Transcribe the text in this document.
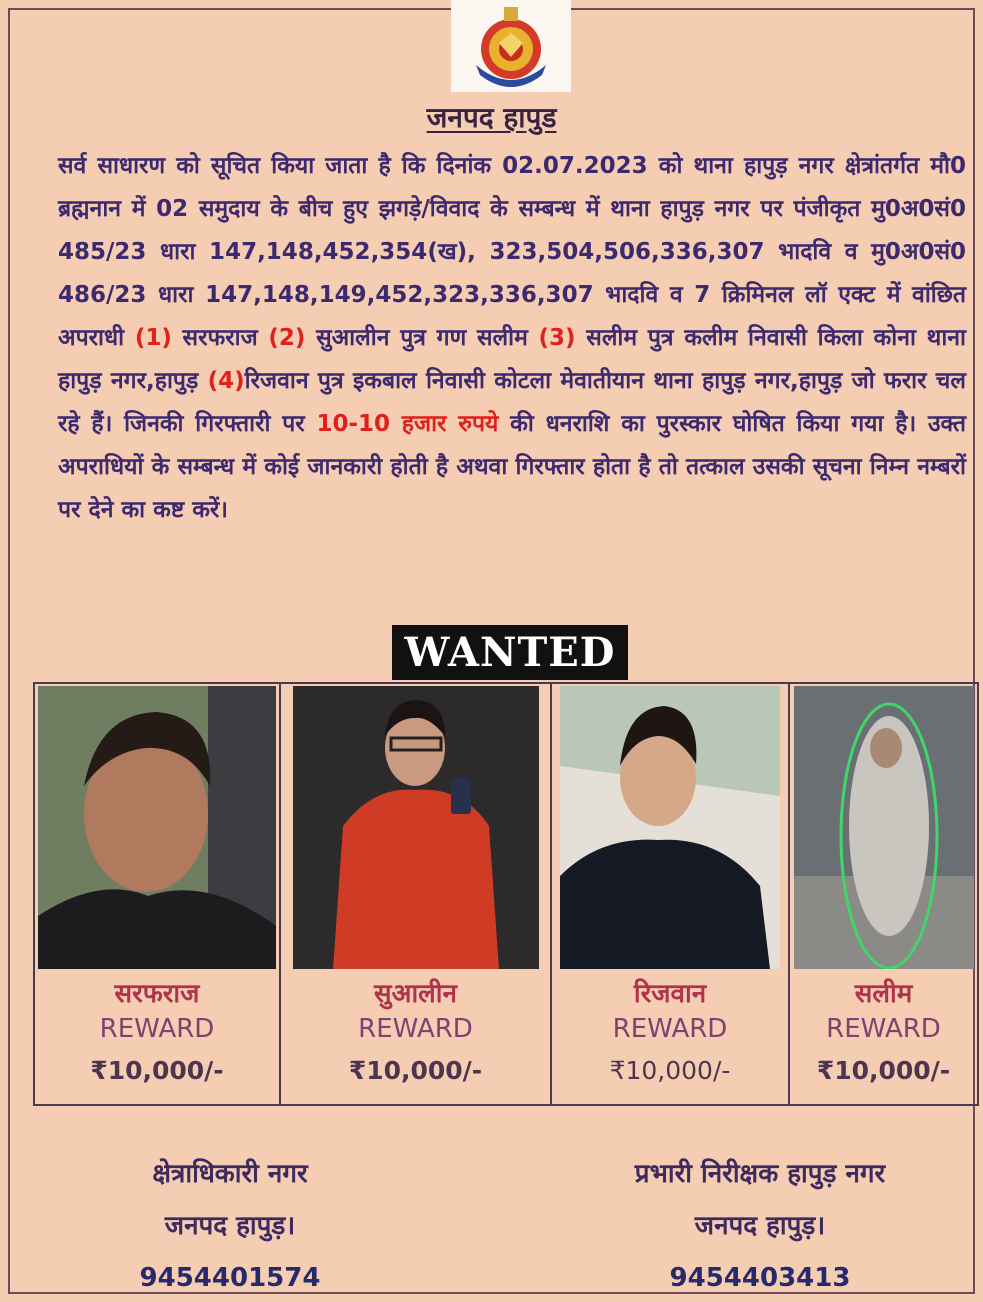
जनपद हापुड
सर्व साधारण को सूचित किया जाता है कि दिनांक 02.07.2023 को थाना हापुड़ नगर क्षेत्रांतर्गत मौ0 ब्रह्मनान में 02 समुदाय के बीच हुए झगड़े/विवाद के सम्बन्ध में थाना हापुड़ नगर पर पंजीकृत मु0अ0सं0 485/23 धारा 147,148,452,354(ख), 323,504,506,336,307 भादवि व मु0अ0सं0 486/23 धारा 147,148,149,452,323,336,307 भादवि व 7 क्रिमिनल लॉ एक्ट में वांछित अपराधी (1) सरफराज (2) सुआलीन पुत्र गण सलीम (3) सलीम पुत्र कलीम निवासी किला कोना थाना हापुड़ नगर,हापुड़ (4)रिजवान पुत्र इकबाल निवासी कोटला मेवातीयान थाना हापुड़ नगर,हापुड़ जो फरार चल रहे हैं। जिनकी गिरफ्तारी पर 10-10 हजार रुपये की धनराशि का पुरस्कार घोषित किया गया है। उक्त अपराधियों के सम्बन्ध में कोई जानकारी होती है अथवा गिरफ्तार होता है तो तत्काल उसकी सूचना निम्न नम्बरों पर देने का कष्ट करें।
WANTED
सरफराज
REWARD
₹10,000/-
सुआलीन
REWARD
₹10,000/-
रिजवान
REWARD
₹10,000/-
सलीम
REWARD
₹10,000/-
क्षेत्राधिकारी नगर
जनपद हापुड़।
9454401574
प्रभारी निरीक्षक हापुड़ नगर
जनपद हापुड़।
9454403413
